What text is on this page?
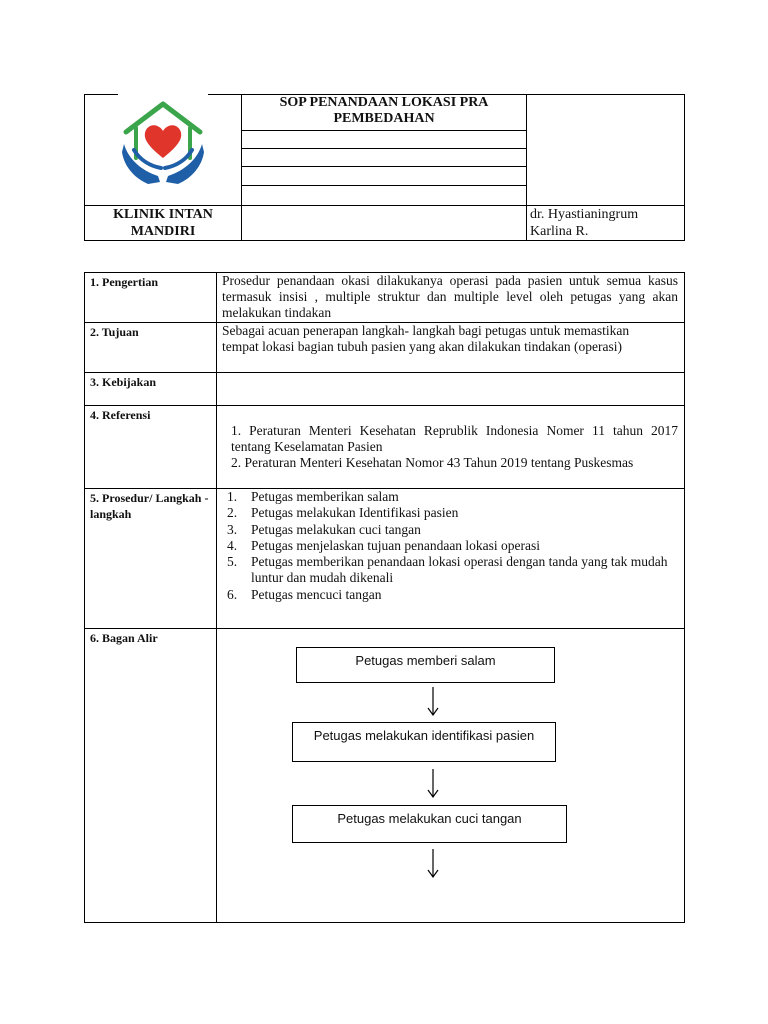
SOP PENANDAAN LOKASI PRA PEMBEDAHAN
KLINIK INTAN MANDIRI
dr. Hyastianingrum Karlina R.
1. Pengertian	Prosedur penandaan okasi dilakukanya operasi pada pasien untuk semua kasus termasuk insisi , multiple struktur dan multiple level oleh petugas yang akan melakukan tindakan
2. Tujuan	Sebagai acuan penerapan langkah- langkah bagi petugas untuk memastikan tempat lokasi bagian tubuh pasien yang akan dilakukan tindakan (operasi)
3. Kebijakan
4. Referensi
1. Peraturan Menteri Kesehatan Reprublik Indonesia Nomer 11 tahun 2017 tentang Keselamatan Pasien
2. Peraturan Menteri Kesehatan Nomor 43 Tahun 2019 tentang Puskesmas
5. Prosedur/ Langkah - langkah
1. Petugas memberikan salam
2. Petugas melakukan Identifikasi pasien
3. Petugas melakukan cuci tangan
4. Petugas menjelaskan tujuan penandaan lokasi operasi
5. Petugas memberikan penandaan lokasi operasi dengan tanda yang tak mudah luntur dan mudah dikenali
6. Petugas mencuci tangan
6. Bagan Alir
Petugas memberi salam
Petugas melakukan identifikasi pasien
Petugas melakukan cuci tangan
